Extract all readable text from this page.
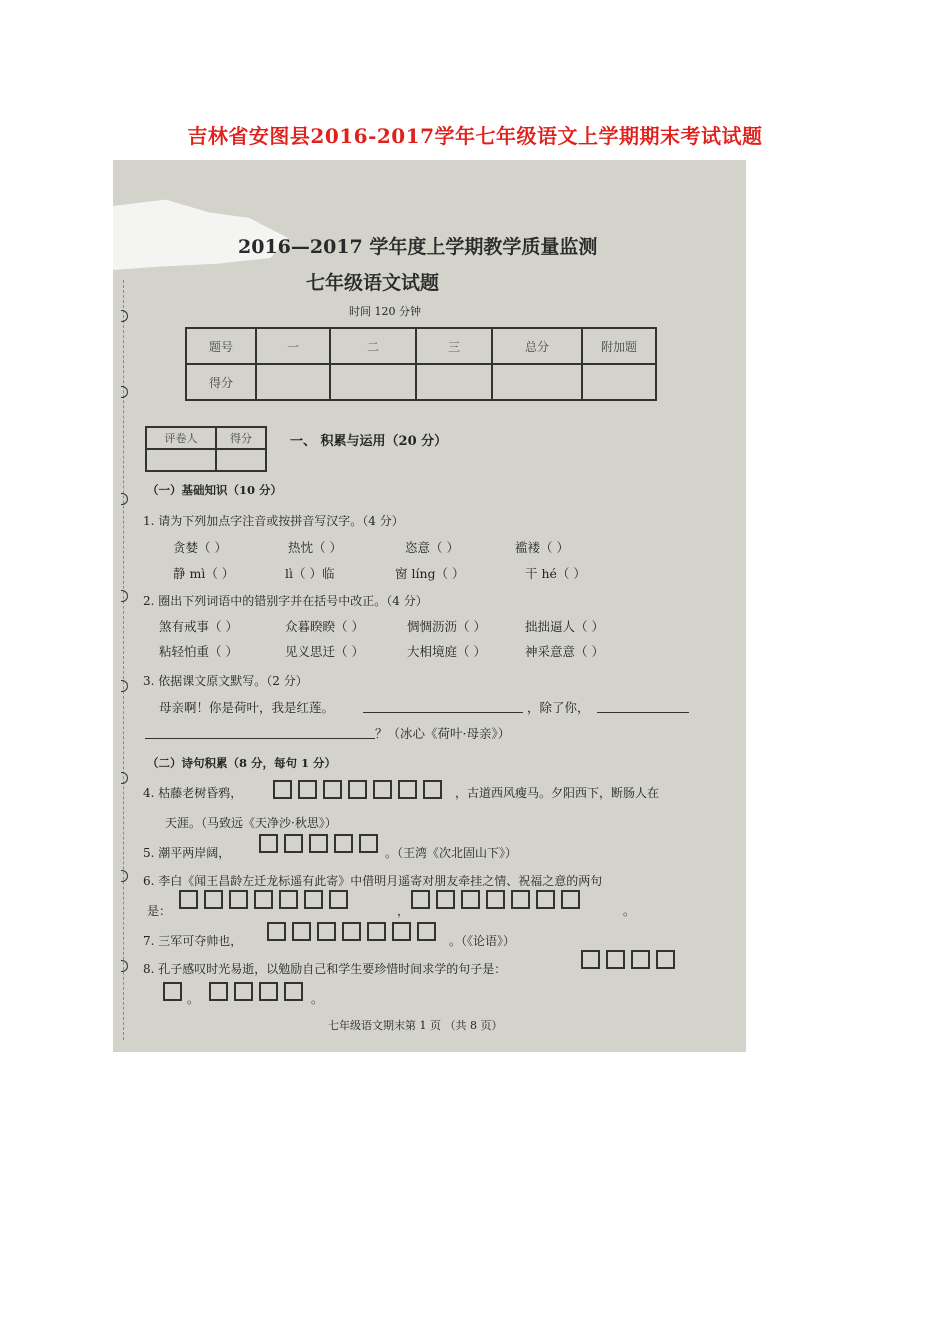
吉林省安图县2016-2017学年七年级语文上学期期末考试试题
2016—2017 学年度上学期教学质量监测
七年级语文试题
时间 120 分钟
题号	一	二	三	总分	附加题
得分					
评卷人	得分
		一、 积累与运用（20 分）
（一）基础知识（10 分）
1. 请为下列加点字注音或按拼音写汉字。（4 分）
贪婪（ ）	热忱（ ）	恣意（ ）	褴褛（ ）
静 mì（ ）	lì（ ）临	窗 líng（ ）	干 hé（ ）
2. 圈出下列词语中的错别字并在括号中改正。（4 分）
煞有戒事（ ）	众暮睽睽（ ）	惆惆沥沥（ ）	拙拙逼人（ ）
粘轻怕重（ ）	见义思迁（ ）	大相境庭（ ）	神采意意（ ）
3. 依据课文原文默写。（2 分）
母亲啊！你是荷叶，我是红莲。	，除了你，
？（冰心《荷叶·母亲》）
（二）诗句积累（8 分，每句 1 分）
4. 枯藤老树昏鸦，	，古道西风瘦马。夕阳西下，断肠人在
天涯。（马致远《天净沙·秋思》）
5. 潮平两岸阔，	。（王湾《次北固山下》）
6. 李白《闻王昌龄左迁龙标遥有此寄》中借明月遥寄对朋友牵挂之情、祝福之意的两句
是：	，	。
7. 三军可夺帅也，	。（《论语》）
8. 孔子感叹时光易逝，以勉励自己和学生要珍惜时间求学的句子是：
。	。
七年级语文期末第 1 页 （共 8 页）
